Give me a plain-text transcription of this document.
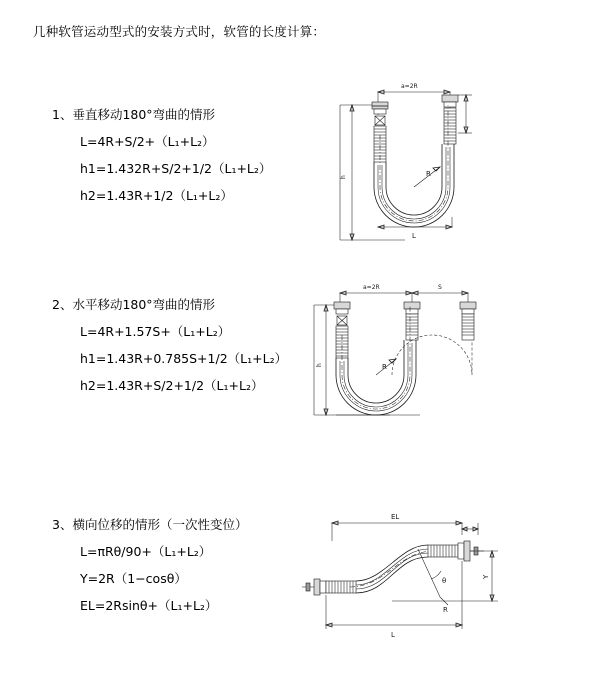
几种软管运动型式的安装方式时，软管的长度计算：
1、垂直移动180°弯曲的情形
L=4R+S/2+（L₁+L₂）
h1=1.432R+S/2+1/2（L₁+L₂）
h2=1.43R+1/2（L₁+L₂）
a=2R
R
h
L
2、水平移动180°弯曲的情形
L=4R+1.57S+（L₁+L₂）
h1=1.43R+0.785S+1/2（L₁+L₂）
h2=1.43R+S/2+1/2（L₁+L₂）
a=2R	S
h	R
3、横向位移的情形（一次性变位）
L=πRθ/90+（L₁+L₂）
Y=2R（1−cosθ）
EL=2Rsinθ+（L₁+L₂）
EL
Y
θ
R
L
